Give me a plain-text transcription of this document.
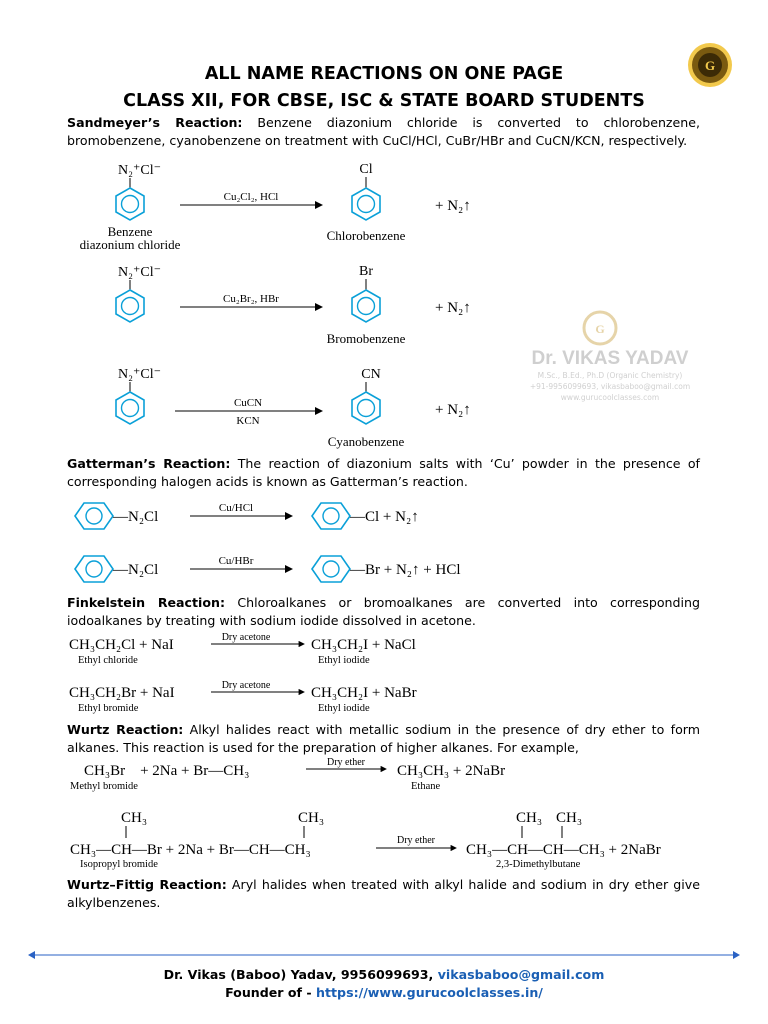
G
ALL NAME REACTIONS ON ONE PAGE
CLASS XII, FOR CBSE, ISC & STATE BOARD STUDENTS
Sandmeyer’s Reaction: Benzene diazonium chloride is converted to chlorobenzene, bromobenzene, cyanobenzene on treatment with CuCl/HCl, CuBr/HBr and CuCN/KCN, respectively.
G
Dr. VIKAS YADAV
M.Sc., B.Ed., Ph.D (Organic Chemistry)
+91-9956099693, vikasbaboo@gmail.com
www.gurucoolclasses.com
N₂⁺Cl⁻
Benzene
diazonium chloride
Cu₂Cl₂, HCl
Cl
Chlorobenzene
+ N₂↑
N₂⁺Cl⁻
Cu₂Br₂, HBr
Br
Bromobenzene
+ N₂↑
N₂⁺Cl⁻
CuCN
KCN
CN
Cyanobenzene
+ N₂↑
Gatterman’s Reaction: The reaction of diazonium salts with ‘Cu’ powder in the presence of corresponding halogen acids is known as Gatterman’s reaction.
—N₂Cl
Cu/HCl
—Cl + N₂↑
—N₂Cl
Cu/HBr
—Br + N₂↑ + HCl
Finkelstein Reaction: Chloroalkanes or bromoalkanes are converted into corresponding iodoalkanes by treating with sodium iodide dissolved in acetone.
CH₃CH₂Cl + NaI
Ethyl chloride
Dry acetone	CH₃CH₂I + NaCl
Ethyl iodide
CH₃CH₂Br + NaI
Ethyl bromide
Dry acetone	CH₃CH₂I + NaBr
Ethyl iodide
Wurtz Reaction: Alkyl halides react with metallic sodium in the presence of dry ether to form alkanes. This reaction is used for the preparation of higher alkanes. For example,
CH₃Br    + 2Na + Br—CH₃
Methyl bromide
Dry ether
CH₃CH₃ + 2NaBr
Ethane
CH₃	CH₃
CH₃—CH—Br + 2Na + Br—CH—CH₃
Isopropyl bromide
Dry ether
CH₃ CH₃
CH₃—CH—CH—CH₃ + 2NaBr
2,3-Dimethylbutane
Wurtz–Fittig Reaction: Aryl halides when treated with alkyl halide and sodium in dry ether give alkylbenzenes.
Dr. Vikas (Baboo) Yadav, 9956099693, vikasbaboo@gmail.com
Founder of - https://www.gurucoolclasses.in/
